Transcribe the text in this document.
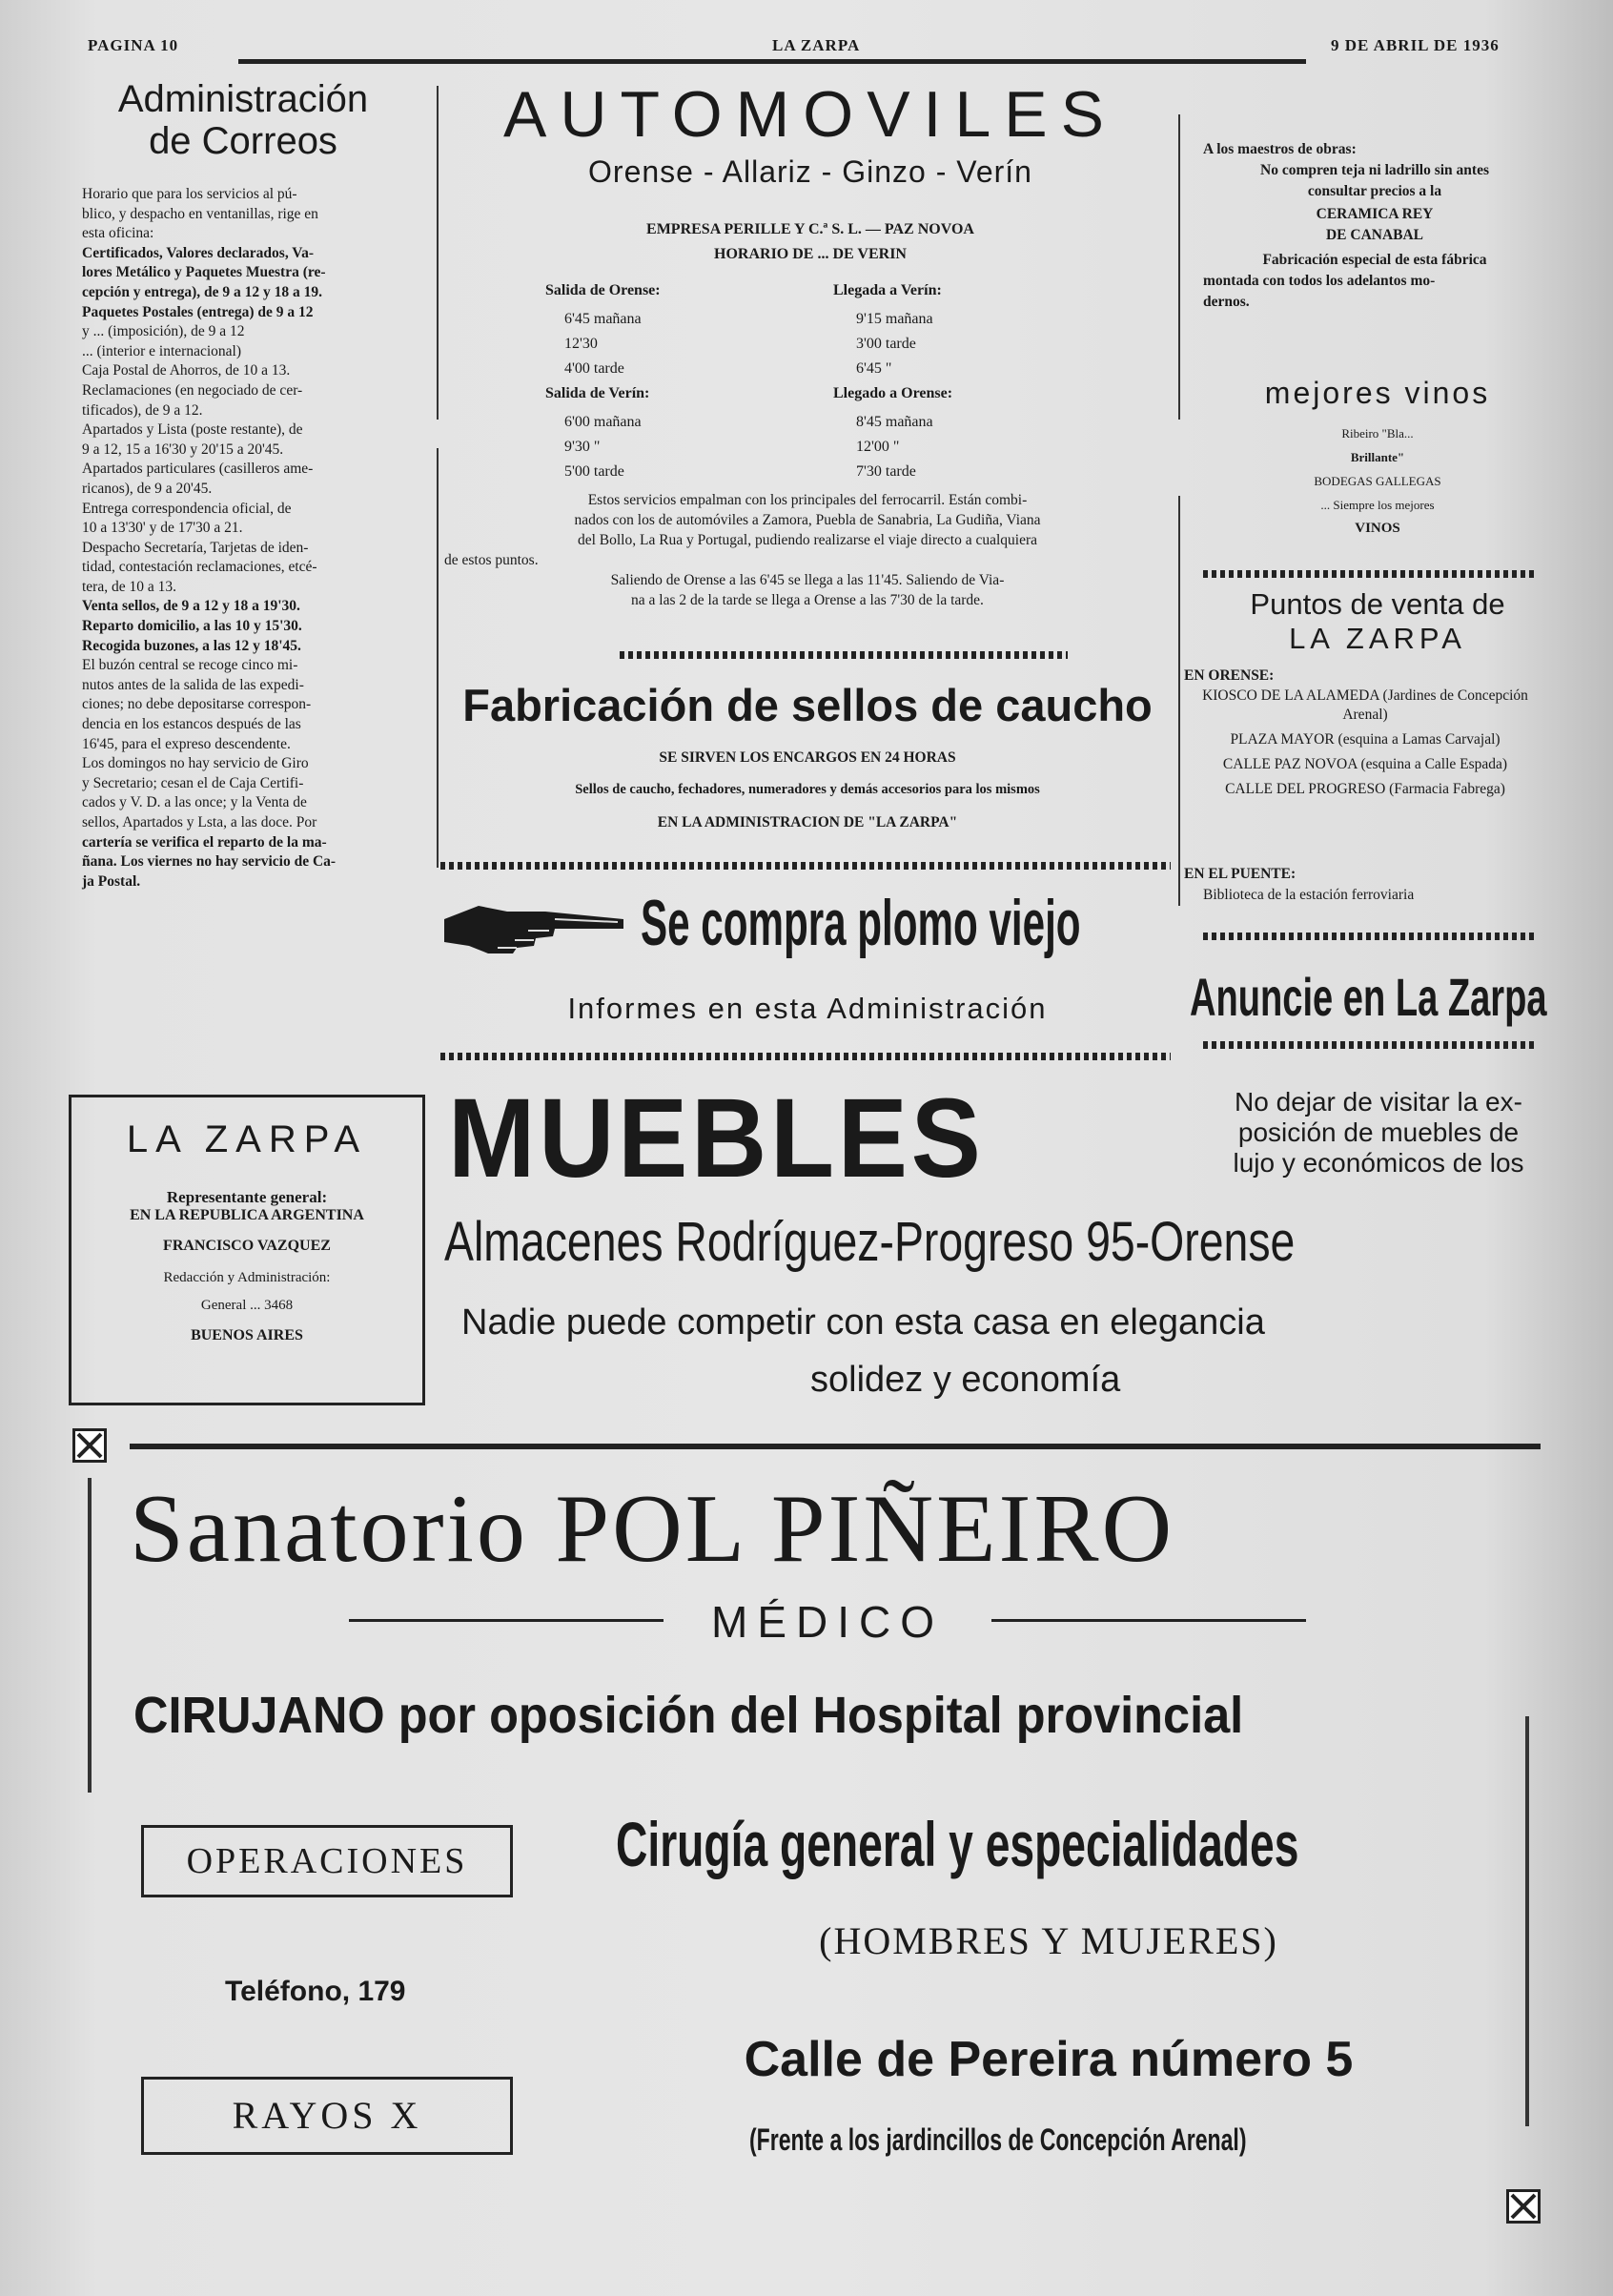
PAGINA 10	LA ZARPA	9 DE ABRIL DE 1936
Administración
de Correos
Horario que para los servicios al pú-
blico, y despacho en ventanillas, rige en
esta oficina:
Certificados, Valores declarados, Va-
lores Metálico y Paquetes Muestra (re-
cepción y entrega), de 9 a 12 y 18 a 19.
Paquetes Postales (entrega) de 9 a 12
y ... (imposición), de 9 a 12
... (interior e internacional)
Caja Postal de Ahorros, de 10 a 13.
Reclamaciones (en negociado de cer-
tificados), de 9 a 12.
Apartados y Lista (poste restante), de
9 a 12, 15 a 16'30 y 20'15 a 20'45.
Apartados particulares (casilleros ame-
ricanos), de 9 a 20'45.
Entrega correspondencia oficial, de
10 a 13'30' y de 17'30 a 21.
Despacho Secretaría, Tarjetas de iden-
tidad, contestación reclamaciones, etcé-
tera, de 10 a 13.
Venta sellos, de 9 a 12 y 18 a 19'30.
Reparto domicilio, a las 10 y 15'30.
Recogida buzones, a las 12 y 18'45.
El buzón central se recoge cinco mi-
nutos antes de la salida de las expedi-
ciones; no debe depositarse correspon-
dencia en los estancos después de las
16'45, para el expreso descendente.
Los domingos no hay servicio de Giro
y Secretario; cesan el de Caja Certifi-
cados y V. D. a las once; y la Venta de
sellos, Apartados y Lsta, a las doce. Por
cartería se verifica el reparto de la ma-
ñana. Los viernes no hay servicio de Ca-
ja Postal.
LA ZARPA
Representante general:
EN LA REPUBLICA ARGENTINA
FRANCISCO VAZQUEZ
Redacción y Administración:
General ... 3468
BUENOS AIRES
AUTOMOVILES
Orense - Allariz - Ginzo - Verín
EMPRESA PERILLE Y C.ª S. L. — PAZ NOVOA
HORARIO DE ... DE VERIN
Salida de Orense:	Llegada a Verín:
6'45 mañana	9'15 mañana
12'30	3'00 tarde
4'00 tarde	6'45 "
Salida de Verín:	Llegado a Orense:
6'00 mañana	8'45 mañana
9'30 "	12'00 "
5'00 tarde	7'30 tarde
Estos servicios empalman con los principales del ferrocarril. Están combi-
nados con los de automóviles a Zamora, Puebla de Sanabria, La Gudiña, Viana
del Bollo, La Rua y Portugal, pudiendo realizarse el viaje directo a cualquiera
de estos puntos.
Saliendo de Orense a las 6'45 se llega a las 11'45. Saliendo de Via-
na a las 2 de la tarde se llega a Orense a las 7'30 de la tarde.
Fabricación de sellos de caucho
SE SIRVEN LOS ENCARGOS EN 24 HORAS
Sellos de caucho, fechadores, numeradores y demás accesorios para los mismos
EN LA ADMINISTRACION DE "LA ZARPA"
Se compra plomo viejo
Informes en esta Administración
MUEBLES
Almacenes Rodríguez-Progreso 95-Orense
Nadie puede competir con esta casa en elegancia
solidez y economía
A los maestros de obras:
No compren teja ni ladrillo sin antes
consultar precios a la
CERAMICA REY
DE CANABAL
Fabricación especial de esta fábrica
montada con todos los adelantos mo-
dernos.
mejores vinos
Ribeiro "Bla...
Brillante"
BODEGAS GALLEGAS
... Siempre los mejores
VINOS
Puntos de venta de
LA ZARPA
EN ORENSE:
KIOSCO DE LA ALAMEDA (Jardines de Concepción Arenal)
PLAZA MAYOR (esquina a Lamas Carvajal)
CALLE PAZ NOVOA (esquina a Calle Espada)
CALLE DEL PROGRESO (Farmacia Fabrega)
EN EL PUENTE:
Biblioteca de la estación ferroviaria
Anuncie en La Zarpa
No dejar de visitar la ex-
posición de muebles de
lujo y económicos de los
Sanatorio POL PIÑEIRO
MÉDICO
CIRUJANO por oposición del Hospital provincial
OPERACIONES
Teléfono, 179
RAYOS X
Cirugía general y especialidades
(HOMBRES Y MUJERES)
Calle de Pereira número 5
(Frente a los jardincillos de Concepción Arenal)
